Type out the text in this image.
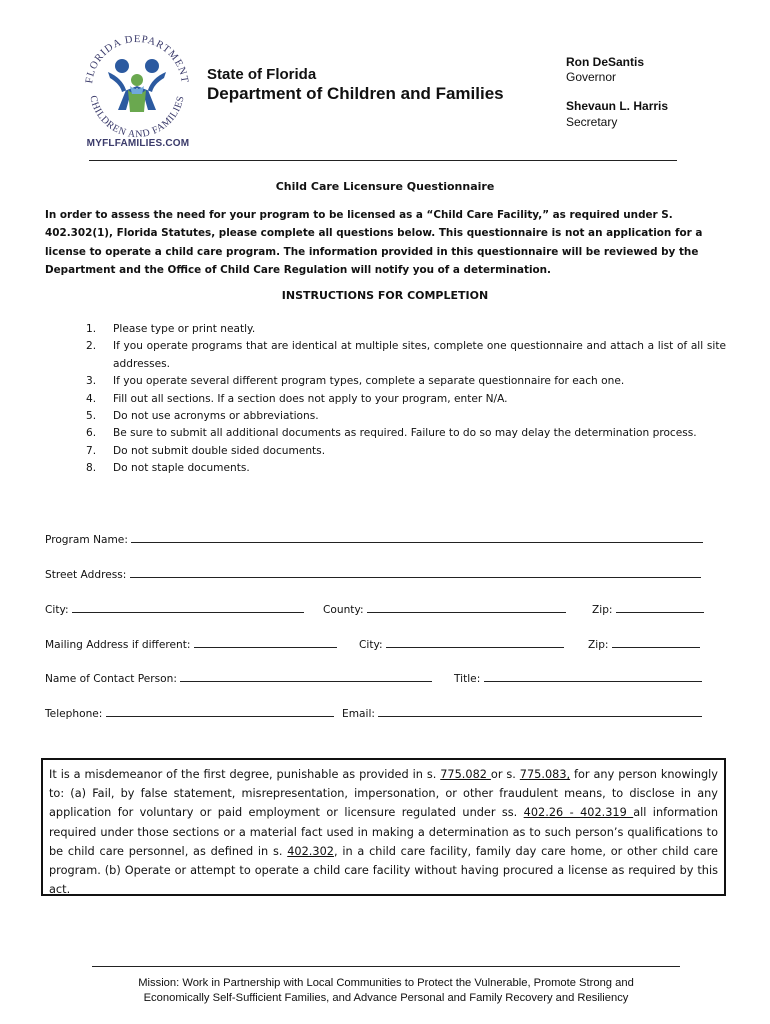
FLORIDA DEPARTMENT
CHILDREN AND FAMILIES
MYFLFAMILIES.COM
State of Florida
Department of Children and Families
Ron DeSantis
Governor
Shevaun L. Harris
Secretary
Child Care Licensure Questionnaire
In order to assess the need for your program to be licensed as a “Child Care Facility,” as required under S. 402.302(1), Florida Statutes, please complete all questions below. This questionnaire is not an application for a license to operate a child care program. The information provided in this questionnaire will be reviewed by the Department and the Office of Child Care Regulation will notify you of a determination.
INSTRUCTIONS FOR COMPLETION
1. Please type or print neatly.
2. If you operate programs that are identical at multiple sites, complete one questionnaire and attach a list of all site addresses.
3. If you operate several different program types, complete a separate questionnaire for each one.
4. Fill out all sections. If a section does not apply to your program, enter N/A.
5. Do not use acronyms or abbreviations.
6. Be sure to submit all additional documents as required. Failure to do so may delay the determination process.
7. Do not submit double sided documents.
8. Do not staple documents.
Program Name:
Street Address:
City:	County:	Zip:
Mailing Address if different:	City:	Zip:
Name of Contact Person:	Title:
Telephone:	Email:
It is a misdemeanor of the first degree, punishable as provided in s. 775.082 or s. 775.083, for any person knowingly to: (a) Fail, by false statement, misrepresentation, impersonation, or other fraudulent means, to disclose in any application for voluntary or paid employment or licensure regulated under ss. 402.26 - 402.319 all information required under those sections or a material fact used in making a determination as to such person’s qualifications to be child care personnel, as defined in s. 402.302, in a child care facility, family day care home, or other child care program. (b) Operate or attempt to operate a child care facility without having procured a license as required by this act.
Mission: Work in Partnership with Local Communities to Protect the Vulnerable, Promote Strong and
Economically Self-Sufficient Families, and Advance Personal and Family Recovery and Resiliency
